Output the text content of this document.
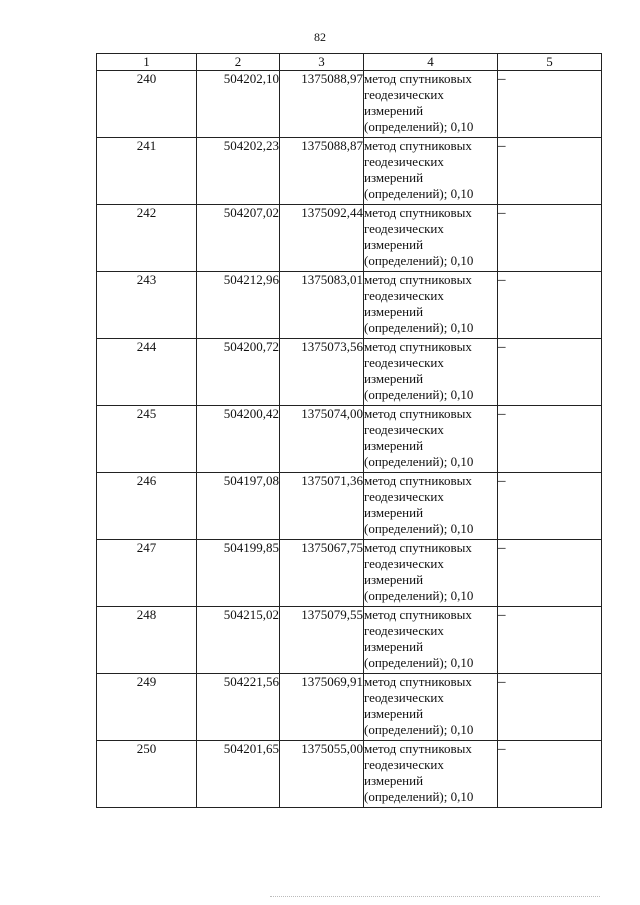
82
1	2	3	4	5
240	504202,10	1375088,97	метод спутниковых
геодезических
измерений
(определений); 0,10	–
241	504202,23	1375088,87	метод спутниковых
геодезических
измерений
(определений); 0,10	–
242	504207,02	1375092,44	метод спутниковых
геодезических
измерений
(определений); 0,10	–
243	504212,96	1375083,01	метод спутниковых
геодезических
измерений
(определений); 0,10	–
244	504200,72	1375073,56	метод спутниковых
геодезических
измерений
(определений); 0,10	–
245	504200,42	1375074,00	метод спутниковых
геодезических
измерений
(определений); 0,10	–
246	504197,08	1375071,36	метод спутниковых
геодезических
измерений
(определений); 0,10	–
247	504199,85	1375067,75	метод спутниковых
геодезических
измерений
(определений); 0,10	–
248	504215,02	1375079,55	метод спутниковых
геодезических
измерений
(определений); 0,10	–
249	504221,56	1375069,91	метод спутниковых
геодезических
измерений
(определений); 0,10	–
250	504201,65	1375055,00	метод спутниковых
геодезических
измерений
(определений); 0,10	–
